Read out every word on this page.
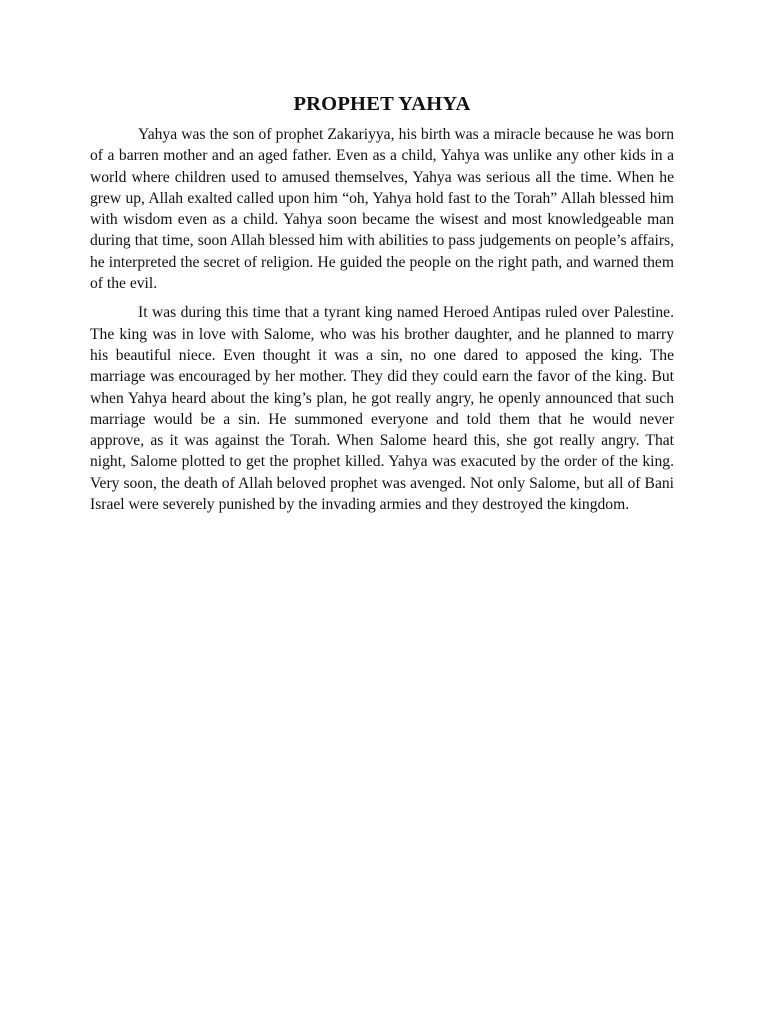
PROPHET YAHYA

Yahya was the son of prophet Zakariyya, his birth was a miracle because he was born of a barren mother and an aged father. Even as a child, Yahya was unlike any other kids in a world where children used to amused themselves, Yahya was serious all the time. When he grew up, Allah exalted called upon him “oh, Yahya hold fast to the Torah” Allah blessed him with wisdom even as a child. Yahya soon became the wisest and most knowledgeable man during that time, soon Allah blessed him with abilities to pass judgements on people’s affairs, he interpreted the secret of religion. He guided the people on the right path, and warned them of the evil.

It was during this time that a tyrant king named Heroed Antipas ruled over Palestine. The king was in love with Salome, who was his brother daughter, and he planned to marry his beautiful niece. Even thought it was a sin, no one dared to apposed the king. The marriage was encouraged by her mother. They did they could earn the favor of the king. But when Yahya heard about the king’s plan, he got really angry, he openly announced that such marriage would be a sin. He summoned everyone and told them that he would never approve, as it was against the Torah. When Salome heard this, she got really angry. That night, Salome plotted to get the prophet killed. Yahya was exacuted by the order of the king. Very soon, the death of Allah beloved prophet was avenged. Not only Salome, but all of Bani Israel were severely punished by the invading armies and they destroyed the kingdom.
